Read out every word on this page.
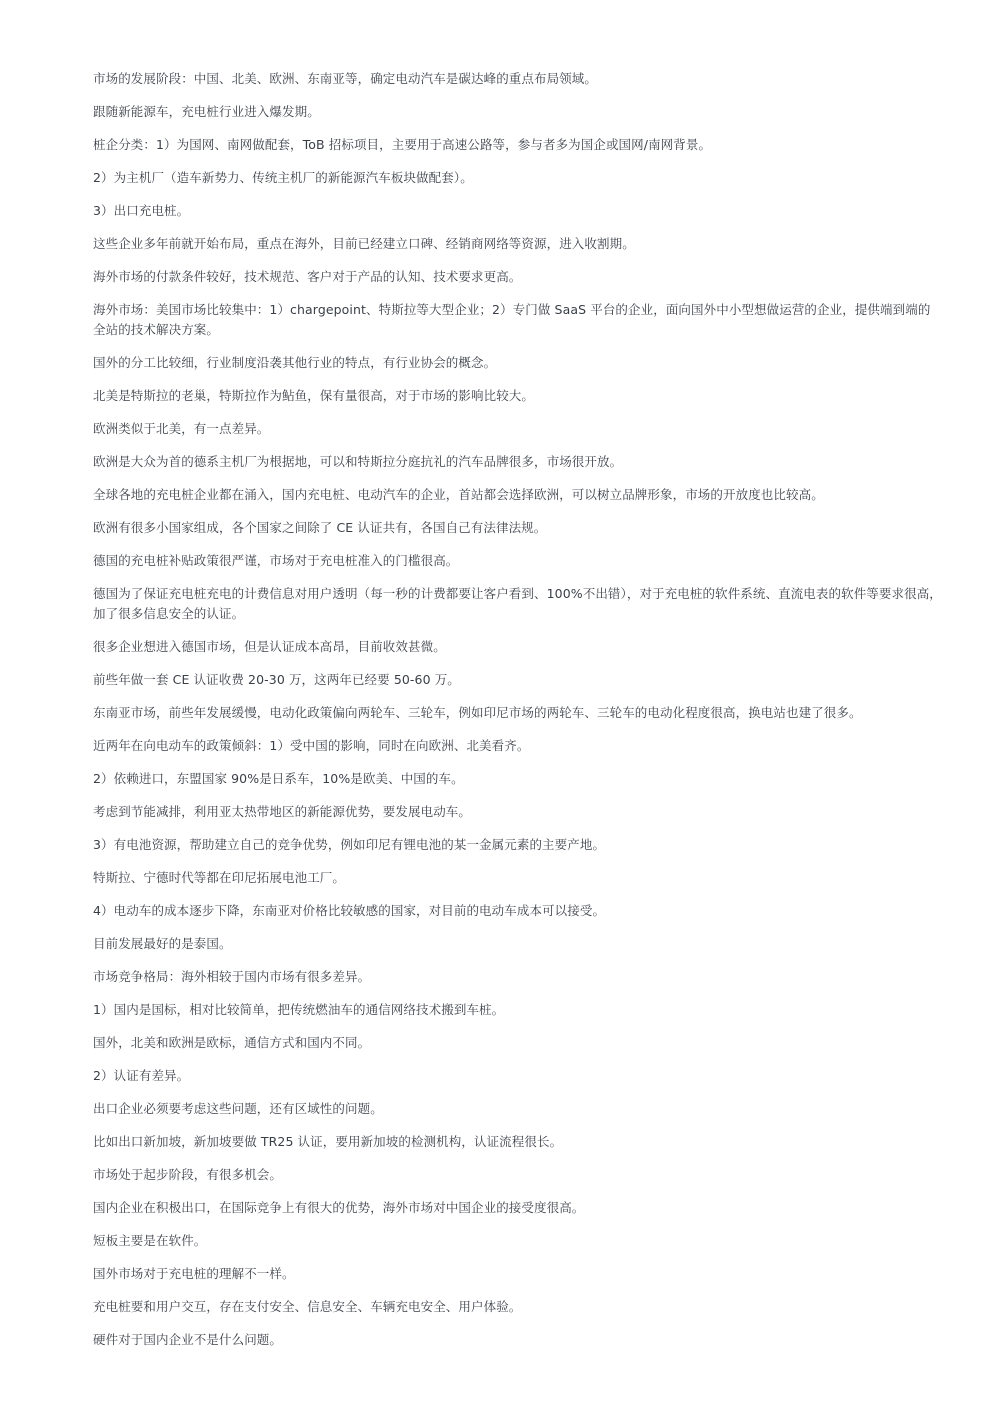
市场的发展阶段：中国、北美、欧洲、东南亚等，确定电动汽车是碳达峰的重点布局领域。

跟随新能源车，充电桩行业进入爆发期。

桩企分类：1）为国网、南网做配套，ToB 招标项目，主要用于高速公路等，参与者多为国企或国网/南网背景。

2）为主机厂（造车新势力、传统主机厂的新能源汽车板块做配套）。

3）出口充电桩。

这些企业多年前就开始布局，重点在海外，目前已经建立口碑、经销商网络等资源，进入收割期。

海外市场的付款条件较好，技术规范、客户对于产品的认知、技术要求更高。

海外市场：美国市场比较集中：1）chargepoint、特斯拉等大型企业；2）专门做 SaaS 平台的企业，面向国外中小型想做运营的企业，提供端到端的全站的技术解决方案。

国外的分工比较细，行业制度沿袭其他行业的特点，有行业协会的概念。

北美是特斯拉的老巢，特斯拉作为鲇鱼，保有量很高，对于市场的影响比较大。

欧洲类似于北美，有一点差异。

欧洲是大众为首的德系主机厂为根据地，可以和特斯拉分庭抗礼的汽车品牌很多，市场很开放。

全球各地的充电桩企业都在涌入，国内充电桩、电动汽车的企业，首站都会选择欧洲，可以树立品牌形象，市场的开放度也比较高。

欧洲有很多小国家组成，各个国家之间除了 CE 认证共有，各国自己有法律法规。

德国的充电桩补贴政策很严谨，市场对于充电桩准入的门槛很高。

德国为了保证充电桩充电的计费信息对用户透明（每一秒的计费都要让客户看到、100%不出错），对于充电桩的软件系统、直流电表的软件等要求很高，加了很多信息安全的认证。

很多企业想进入德国市场，但是认证成本高昂，目前收效甚微。

前些年做一套 CE 认证收费 20-30 万，这两年已经要 50-60 万。

东南亚市场，前些年发展缓慢，电动化政策偏向两轮车、三轮车，例如印尼市场的两轮车、三轮车的电动化程度很高，换电站也建了很多。

近两年在向电动车的政策倾斜：1）受中国的影响，同时在向欧洲、北美看齐。

2）依赖进口，东盟国家 90%是日系车，10%是欧美、中国的车。

考虑到节能减排，利用亚太热带地区的新能源优势，要发展电动车。

3）有电池资源，帮助建立自己的竞争优势，例如印尼有锂电池的某一金属元素的主要产地。

特斯拉、宁德时代等都在印尼拓展电池工厂。

4）电动车的成本逐步下降，东南亚对价格比较敏感的国家，对目前的电动车成本可以接受。

目前发展最好的是泰国。

市场竞争格局：海外相较于国内市场有很多差异。

1）国内是国标，相对比较简单，把传统燃油车的通信网络技术搬到车桩。

国外，北美和欧洲是欧标，通信方式和国内不同。

2）认证有差异。

出口企业必须要考虑这些问题，还有区域性的问题。

比如出口新加坡，新加坡要做 TR25 认证，要用新加坡的检测机构，认证流程很长。

市场处于起步阶段，有很多机会。

国内企业在积极出口，在国际竞争上有很大的优势，海外市场对中国企业的接受度很高。

短板主要是在软件。

国外市场对于充电桩的理解不一样。

充电桩要和用户交互，存在支付安全、信息安全、车辆充电安全、用户体验。

硬件对于国内企业不是什么问题。
